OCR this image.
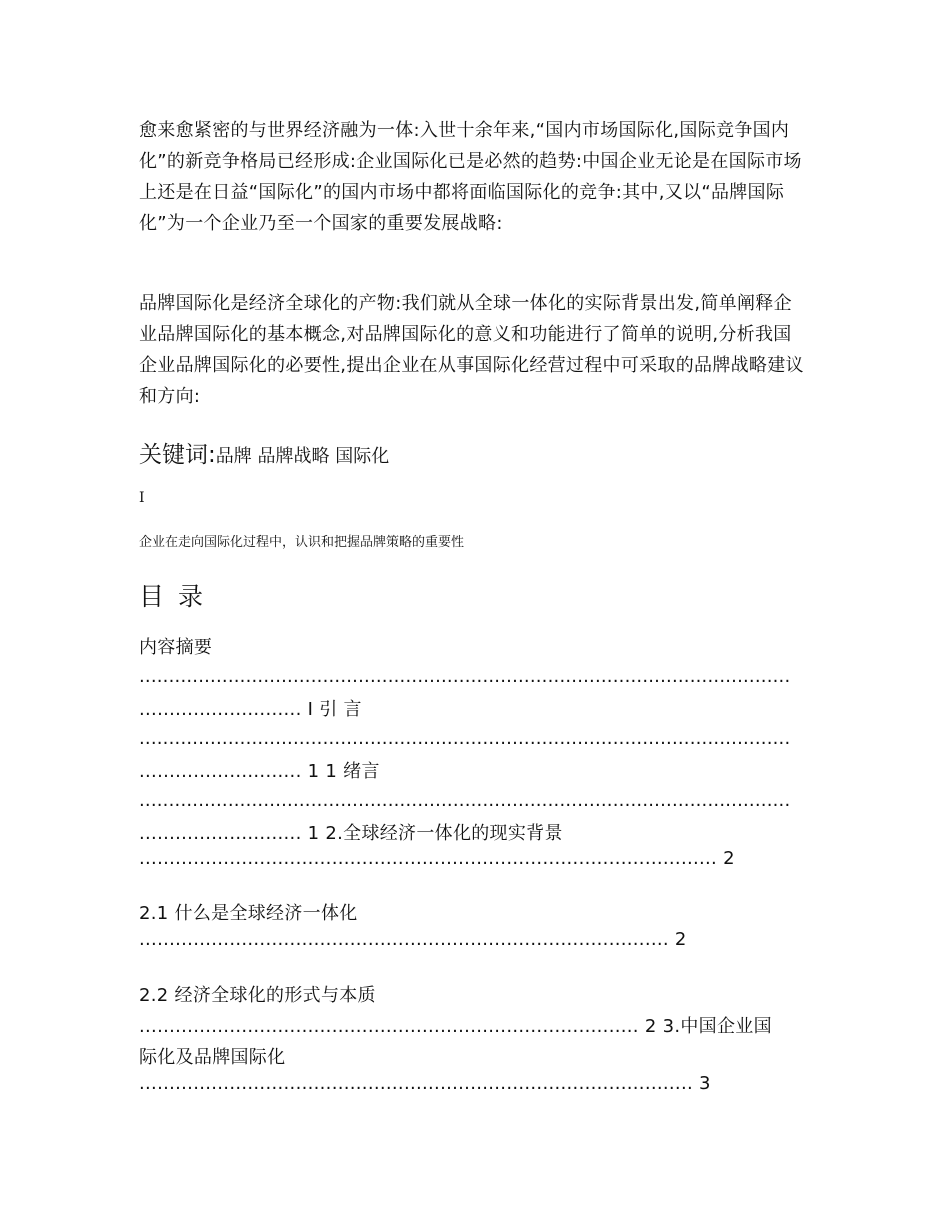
愈来愈紧密的与世界经济融为一体:入世十余年来,“国内市场国际化,国际竞争国内化”的新竞争格局已经形成:企业国际化已是必然的趋势:中国企业无论是在国际市场上还是在日益“国际化”的国内市场中都将面临国际化的竞争:其中,又以“品牌国际化”为一个企业乃至一个国家的重要发展战略:
品牌国际化是经济全球化的产物:我们就从全球一体化的实际背景出发,简单阐释企业品牌国际化的基本概念,对品牌国际化的意义和功能进行了简单的说明,分析我国企业品牌国际化的必要性,提出企业在从事国际化经营过程中可采取的品牌战略建议和方向:
关键词:品牌 品牌战略 国际化
I
企业在走向国际化过程中，认识和把握品牌策略的重要性
目 录
内容摘要
..............................................................................................................
........................... I 引 言
..............................................................................................................
........................... 1 1 绪言
..............................................................................................................
........................... 1 2.全球经济一体化的现实背景
................................................................................................ 2
2.1 什么是全球经济一体化
........................................................................................ 2
2.2 经济全球化的形式与本质
................................................................................... 2 3.中国企业国
际化及品牌国际化
............................................................................................ 3
